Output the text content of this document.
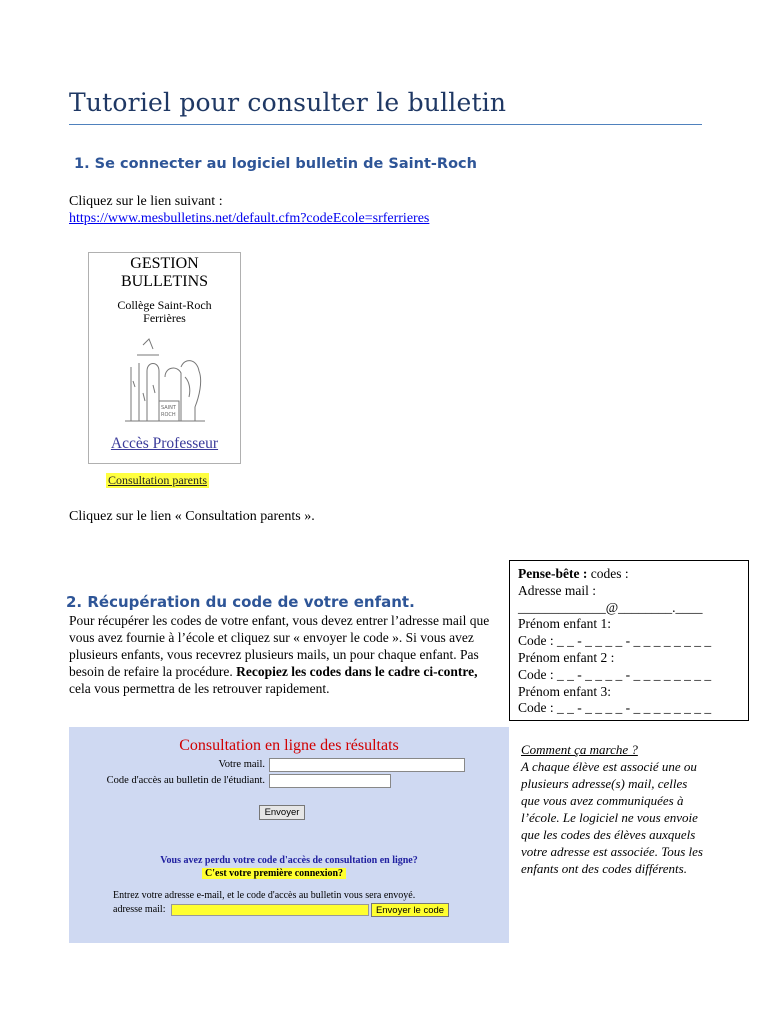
Tutoriel pour consulter le bulletin
1. Se connecter au logiciel bulletin de Saint-Roch
Cliquez sur le lien suivant :
https://www.mesbulletins.net/default.cfm?codeEcole=srferrieres
GESTION
BULLETINS
Collège Saint-Roch
Ferrières
SAINT
ROCH
Accès Professeur
Consultation parents
Cliquez sur le lien « Consultation parents ».
Pense-bête : codes :
Adresse mail :
_____________@________.____
Prénom enfant 1:
Code : _ _ - _ _ _ _ - _ _ _ _ _ _ _ _
Prénom enfant 2 :
Code : _ _ - _ _ _ _ - _ _ _ _ _ _ _ _
Prénom enfant 3:
Code : _ _ - _ _ _ _ - _ _ _ _ _ _ _ _
2. Récupération du code de votre enfant.
Pour récupérer les codes de votre enfant, vous devez entrer l’adresse mail que vous avez fournie à l’école et cliquez sur « envoyer le code ». Si vous avez plusieurs enfants, vous recevrez plusieurs mails, un pour chaque enfant. Pas besoin de refaire la procédure. Recopiez les codes dans le cadre ci-contre, cela vous permettra de les retrouver rapidement.
Consultation en ligne des résultats
Votre mail.
Code d'accès au bulletin de l'étudiant.
Envoyer
Vous avez perdu votre code d'accès de consultation en ligne?
C'est votre première connexion?
Entrez votre adresse e-mail, et le code d'accès au bulletin vous sera envoyé.
adresse mail:	Envoyer le code
Comment ça marche ?
A chaque élève est associé une ou plusieurs adresse(s) mail, celles que vous avez communiquées à l’école. Le logiciel ne vous envoie que les codes des élèves auxquels votre adresse est associée. Tous les enfants ont des codes différents.
